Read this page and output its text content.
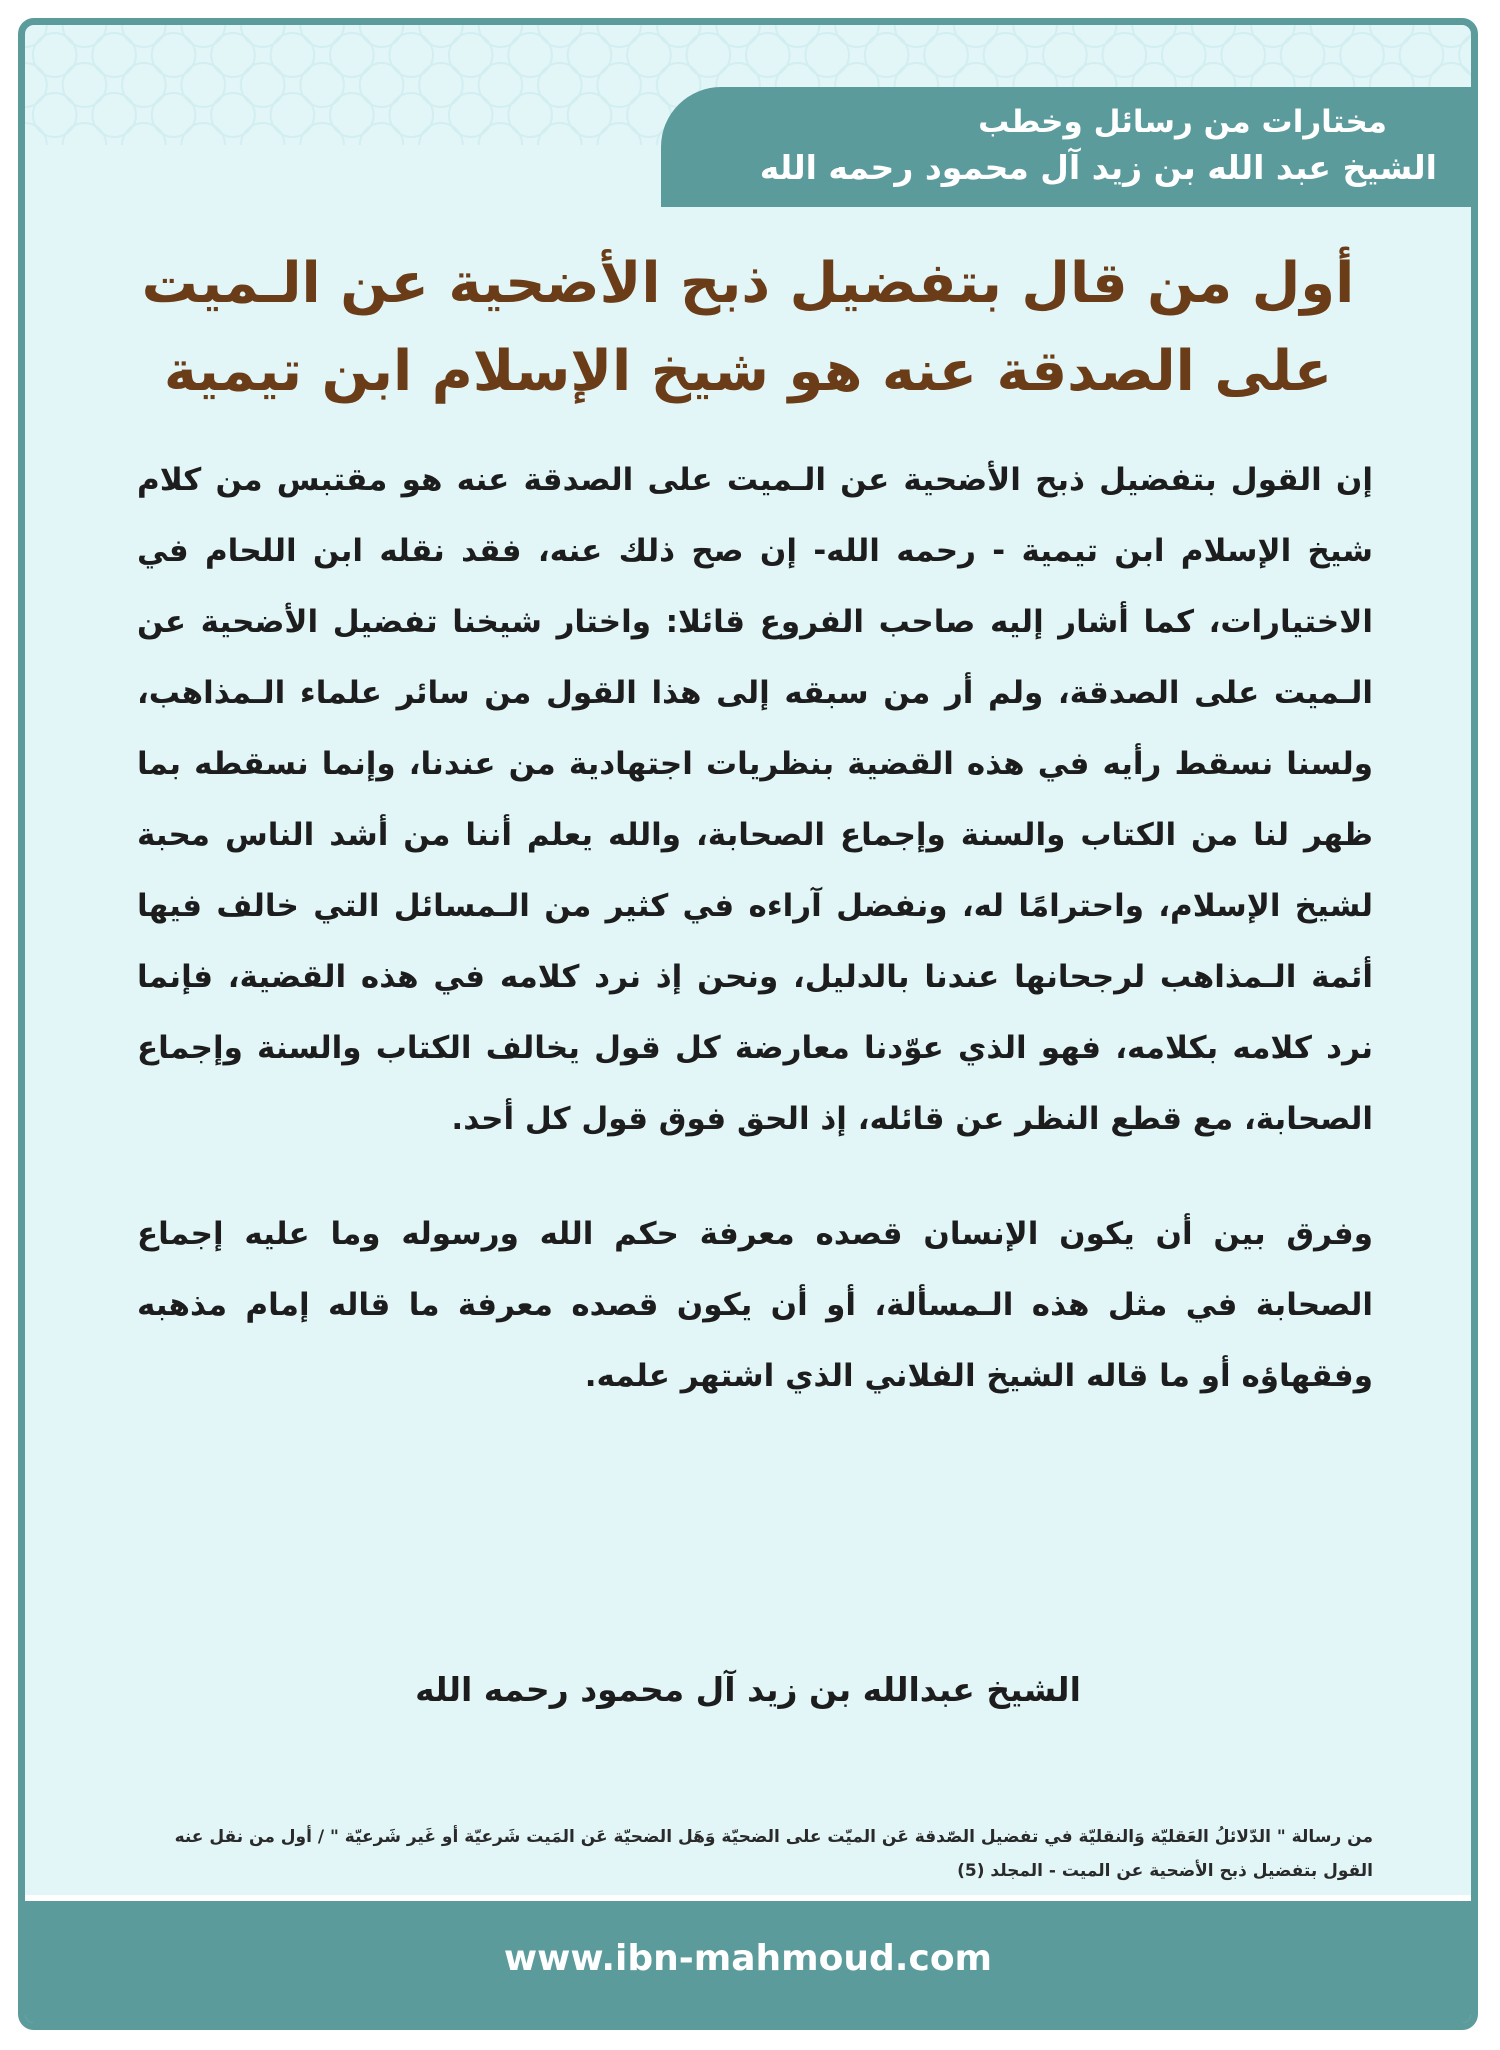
مختارات من رسائل وخطب
الشيخ عبد الله بن زيد آل محمود رحمه الله
أول من قال بتفضيل ذبح الأضحية عن الـميت
على الصدقة عنه هو شيخ الإسلام ابن تيمية

إن القول بتفضيل ذبح الأضحية عن الـميت على الصدقة عنه هو مقتبس من كلام شيخ الإسلام ابن تيمية - رحمه الله- إن صح ذلك عنه، فقد نقله ابن اللحام في الاختيارات، كما أشار إليه صاحب الفروع قائلا: واختار شيخنا تفضيل الأضحية عن الـميت على الصدقة، ولم أر من سبقه إلى هذا القول من سائر علماء الـمذاهب، ولسنا نسقط رأيه في هذه القضية بنظريات اجتهادية من عندنا، وإنما نسقطه بما ظهر لنا من الكتاب والسنة وإجماع الصحابة، والله يعلم أننا من أشد الناس محبة لشيخ الإسلام، واحترامًا له، ونفضل آراءه في كثير من الـمسائل التي خالف فيها أئمة الـمذاهب لرجحانها عندنا بالدليل، ونحن إذ نرد كلامه في هذه القضية، فإنما نرد كلامه بكلامه، فهو الذي عوّدنا معارضة كل قول يخالف الكتاب والسنة وإجماع الصحابة، مع قطع النظر عن قائله، إذ الحق فوق قول كل أحد.

وفرق بين أن يكون الإنسان قصده معرفة حكم الله ورسوله وما عليه إجماع الصحابة في مثل هذه الـمسألة، أو أن يكون قصده معرفة ما قاله إمام مذهبه وفقهاؤه أو ما قاله الشيخ الفلاني الذي اشتهر علمه.

الشيخ عبدالله بن زيد آل محمود رحمه الله
من رسالة " الدّلائلُ العَقليّة وَالنقليّة في تفضيل الصّدقة عَن الميّت على الضحيّة وَهَل الضحيّة عَن المَيت شَرعيّة أو غَير شَرعيّة " / أول من نقل عنه القول بتفضيل ذبح الأضحية عن الميت - المجلد (5)
www.ibn-mahmoud.com
